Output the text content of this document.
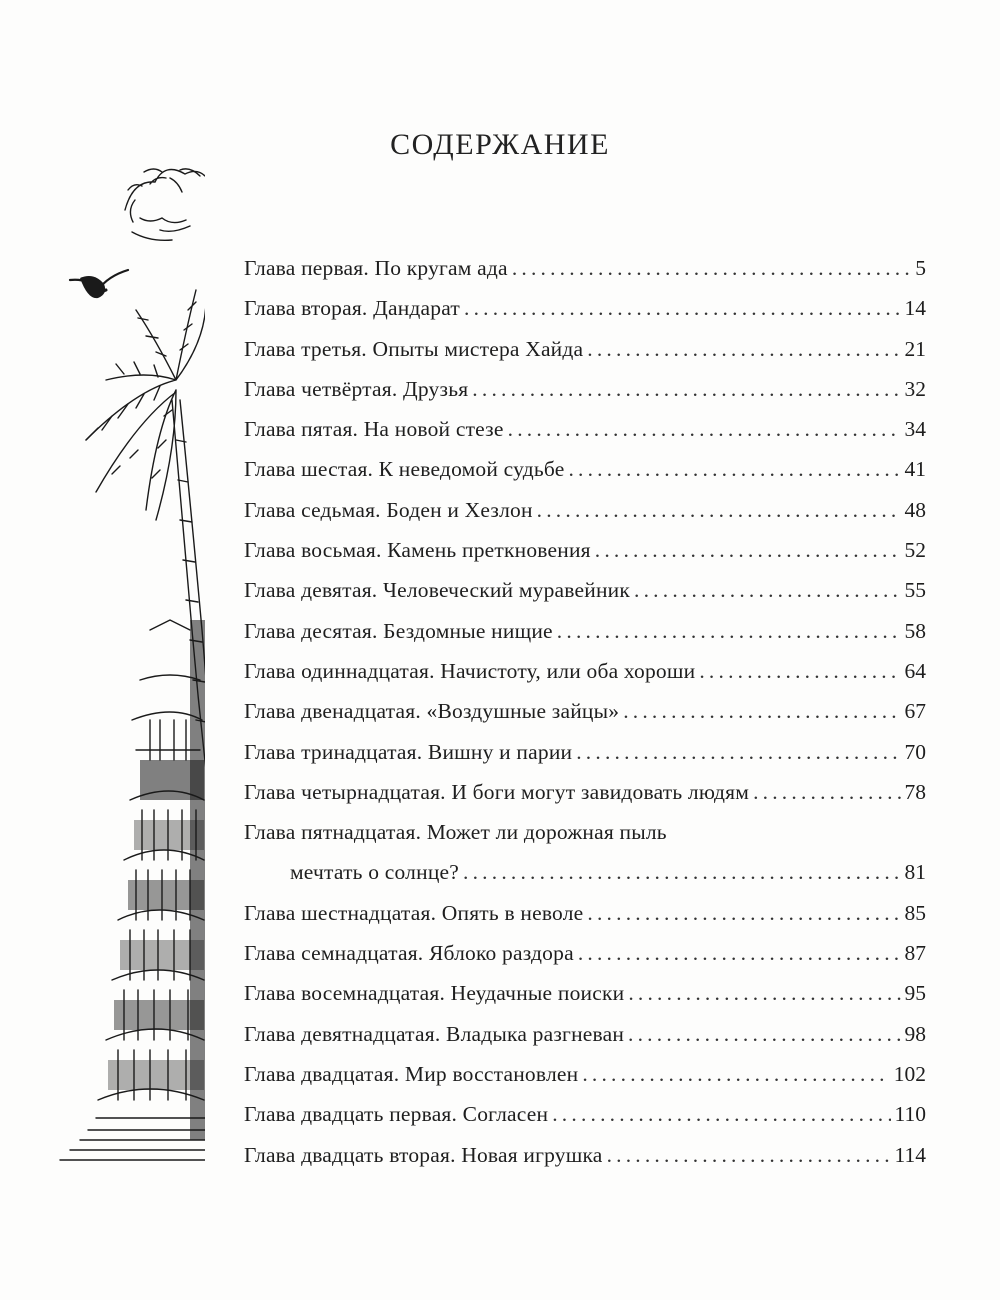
СОДЕРЖАНИЕ
Глава первая. По кругам ада .....	5
Глава вторая. Дандарат .....	14
Глава третья. Опыты мистера Хайда .....	21
Глава четвёртая. Друзья .....	32
Глава пятая. На новой стезе .....	34
Глава шестая. К неведомой судьбе .....	41
Глава седьмая. Боден и Хезлон .....	48
Глава восьмая. Камень преткновения .....	52
Глава девятая. Человеческий муравейник .....	55
Глава десятая. Бездомные нищие .....	58
Глава одиннадцатая. Начистоту, или оба хороши .....	64
Глава двенадцатая. «Воздушные зайцы» .....	67
Глава тринадцатая. Вишну и парии .....	70
Глава четырнадцатая. И боги могут завидовать людям .....	78
Глава пятнадцатая. Может ли дорожная пыль
мечтать о солнце? .....	81
Глава шестнадцатая. Опять в неволе .....	85
Глава семнадцатая. Яблоко раздора .....	87
Глава восемнадцатая. Неудачные поиски .....	95
Глава девятнадцатая. Владыка разгневан .....	98
Глава двадцатая. Мир восстановлен .....	102
Глава двадцать первая. Согласен .....	110
Глава двадцать вторая. Новая игрушка .....	114
